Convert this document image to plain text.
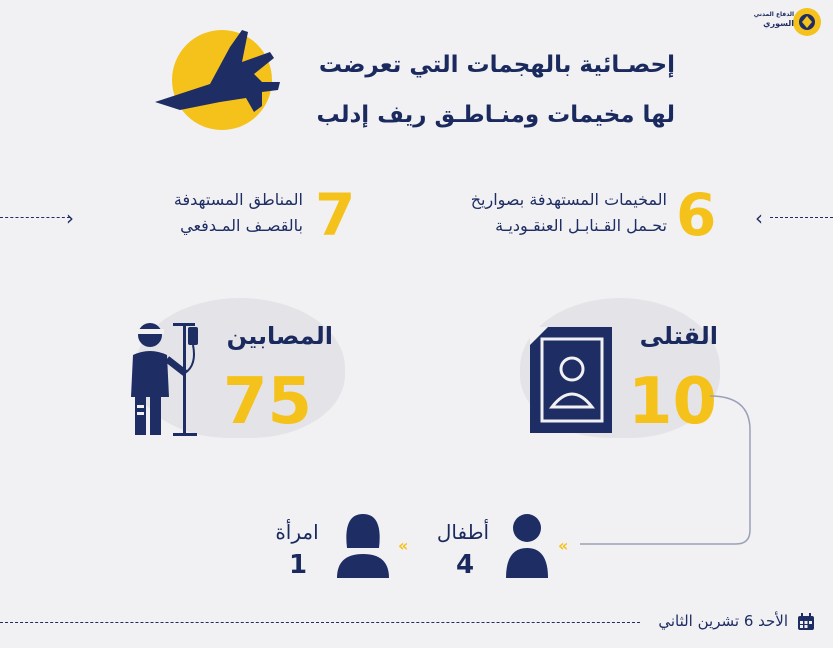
الدفاع المدني
السوري
إحصـائية بالهجمات التي تعرضت
لها مخيمات ومنـاطـق ريف إدلب
›	7
المناطق المستهدفة
بالقصـف المـدفعي	6
المخيمات المستهدفة بصواريخ
تحـمل القـنابـل العنقـوديـة	‹
المصابين
75
القتلى
10
«
أطفال
4
«
امرأة
1
الأحد 6 تشرين الثاني
